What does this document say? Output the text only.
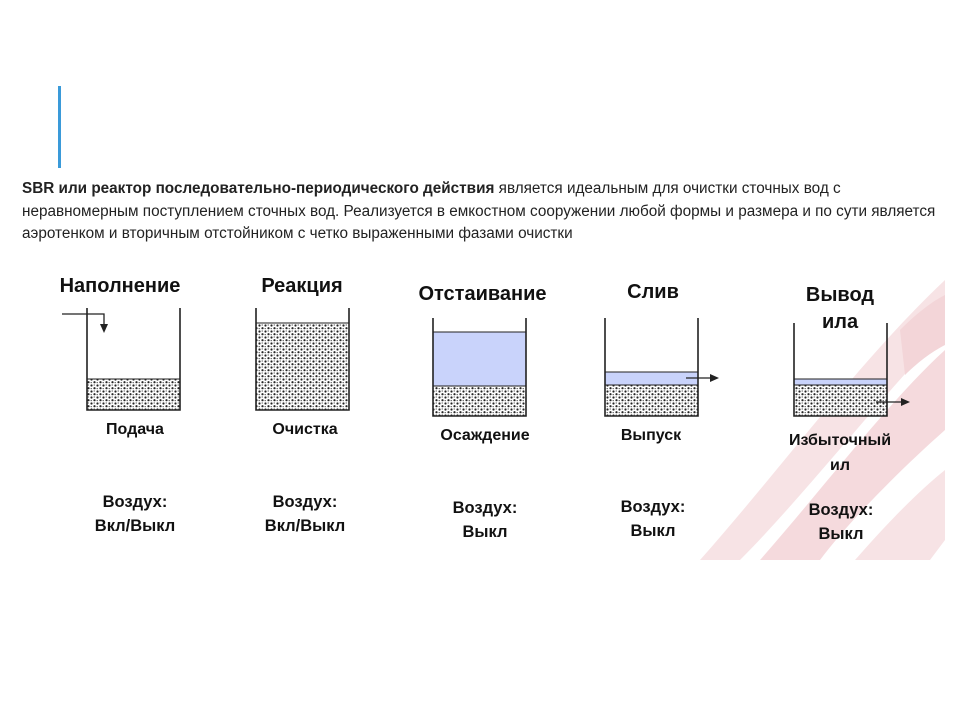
SBR или реактор последовательно-периодического действия является идеальным для очистки сточных вод с неравномерным поступлением сточных вод. Реализуется в емкостном сооружении любой формы и размера и по сути является аэротенком и вторичным отстойником с четко выраженными фазами очистки
Наполнение	Реакция	Отстаивание	Слив	Вывод
ила
Подача	Очистка	Осаждение	Выпуск	Избыточный
ил
Воздух:
Вкл/Выкл
Воздух:
Вкл/Выкл
Воздух:
Выкл
Воздух:
Выкл
Воздух:
Выкл
